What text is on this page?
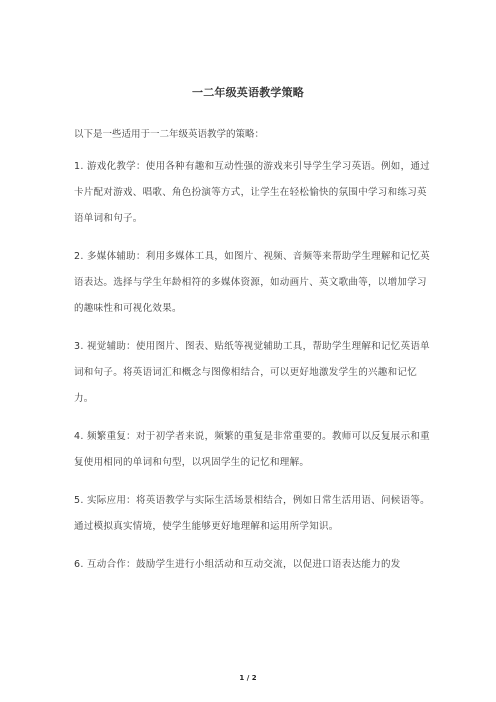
一二年级英语教学策略
以下是一些适用于一二年级英语教学的策略：

1. 游戏化教学：使用各种有趣和互动性强的游戏来引导学生学习英语。例如，通过卡片配对游戏、唱歌、角色扮演等方式，让学生在轻松愉快的氛围中学习和练习英语单词和句子。

2. 多媒体辅助：利用多媒体工具，如图片、视频、音频等来帮助学生理解和记忆英语表达。选择与学生年龄相符的多媒体资源，如动画片、英文歌曲等，以增加学习的趣味性和可视化效果。

3. 视觉辅助：使用图片、图表、贴纸等视觉辅助工具，帮助学生理解和记忆英语单词和句子。将英语词汇和概念与图像相结合，可以更好地激发学生的兴趣和记忆力。

4. 频繁重复：对于初学者来说，频繁的重复是非常重要的。教师可以反复展示和重复使用相同的单词和句型，以巩固学生的记忆和理解。

5. 实际应用：将英语教学与实际生活场景相结合，例如日常生活用语、问候语等。通过模拟真实情境，使学生能够更好地理解和运用所学知识。

6. 互动合作：鼓励学生进行小组活动和互动交流，以促进口语表达能力的发

1 / 2
